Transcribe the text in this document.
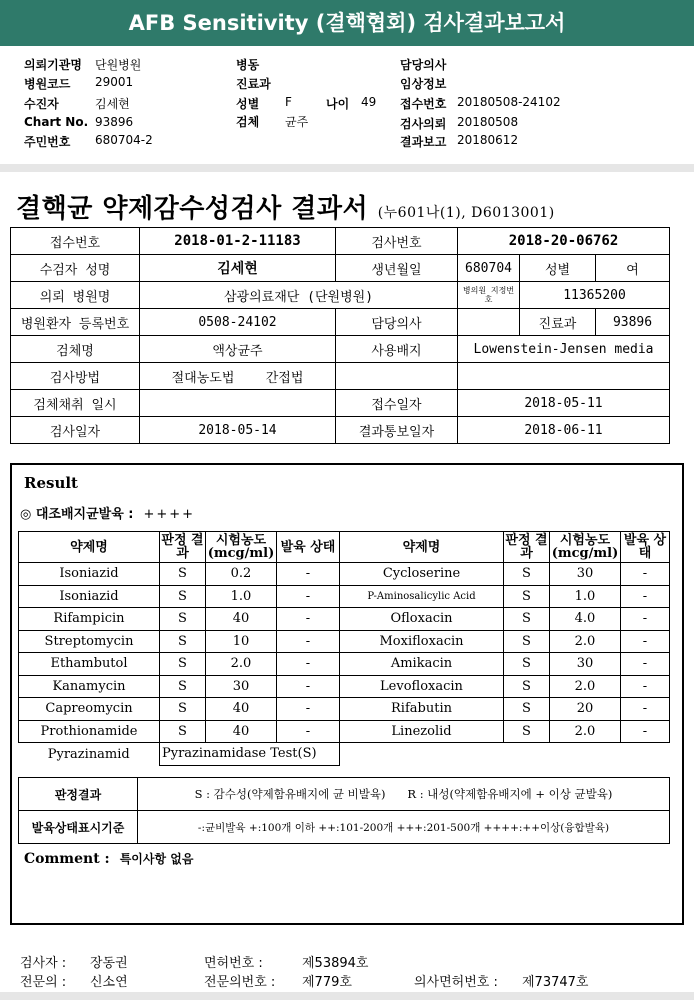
AFB Sensitivity (결핵협회) 검사결과보고서
의뢰기관명 단원병원
병원코드 29001
수진자	김세현
Chart No. 93896
주민번호 680704-2
병동
진료과
성별 F	나이 49
검체 균주
담당의사
임상정보
접수번호 20180508-24102
검사의뢰 20180508
결과보고 20180612
결핵균 약제감수성검사 결과서 (누601나(1), D6013001)
접수번호	2018-01-2-11183	검사번호	2018-20-06762		
수검자 성명	김세현	생년월일	680704	성별	여
의뢰 병원명	삼광의료재단 (단원병원)		병의원 지정번호	11365200	
병원환자 등록번호	0508-24102	담당의사		진료과	93896
검체명	액상균주	사용배지	Lowenstein-Jensen media		
검사방법	절대농도법 간접법				
검체채취 일시		접수일자	2018-05-11		
검사일자	2018-05-14	결과통보일자	2018-06-11		
Result
◎ 대조배지균발육 : ++++
약제명	판정 결과	시험농도 (mcg/ml)	발육 상태	약제명	판정 결과	시험농도 (mcg/ml)	발육 상태
Isoniazid	S	0.2	-	Cycloserine	S	30	-
Isoniazid	S	1.0	-	P-Aminosalicylic Acid	S	1.0	-
Rifampicin	S	40	-	Ofloxacin	S	4.0	-
Streptomycin	S	10	-	Moxifloxacin	S	2.0	-
Ethambutol	S	2.0	-	Amikacin	S	30	-
Kanamycin	S	30	-	Levofloxacin	S	2.0	-
Capreomycin	S	40	-	Rifabutin	S	20	-
Prothionamide	S	40	-	Linezolid	S	2.0	-
Pyrazinamid	Pyrazinamidase Test(S)						
판정결과	S : 감수성(약제함유배지에 균 비발육) R : 내성(약제함유배지에 + 이상 균발육)
발육상태표시기준	-:균비발육 +:100개 이하 ++:101-200개 +++:201-500개 ++++:++이상(융합발육)
Comment : 특이사항 없음
검사자 : 장동권	면허번호 :	제53894호
전문의 : 신소연	전문의번호 : 제779호	의사면허번호 : 제73747호
